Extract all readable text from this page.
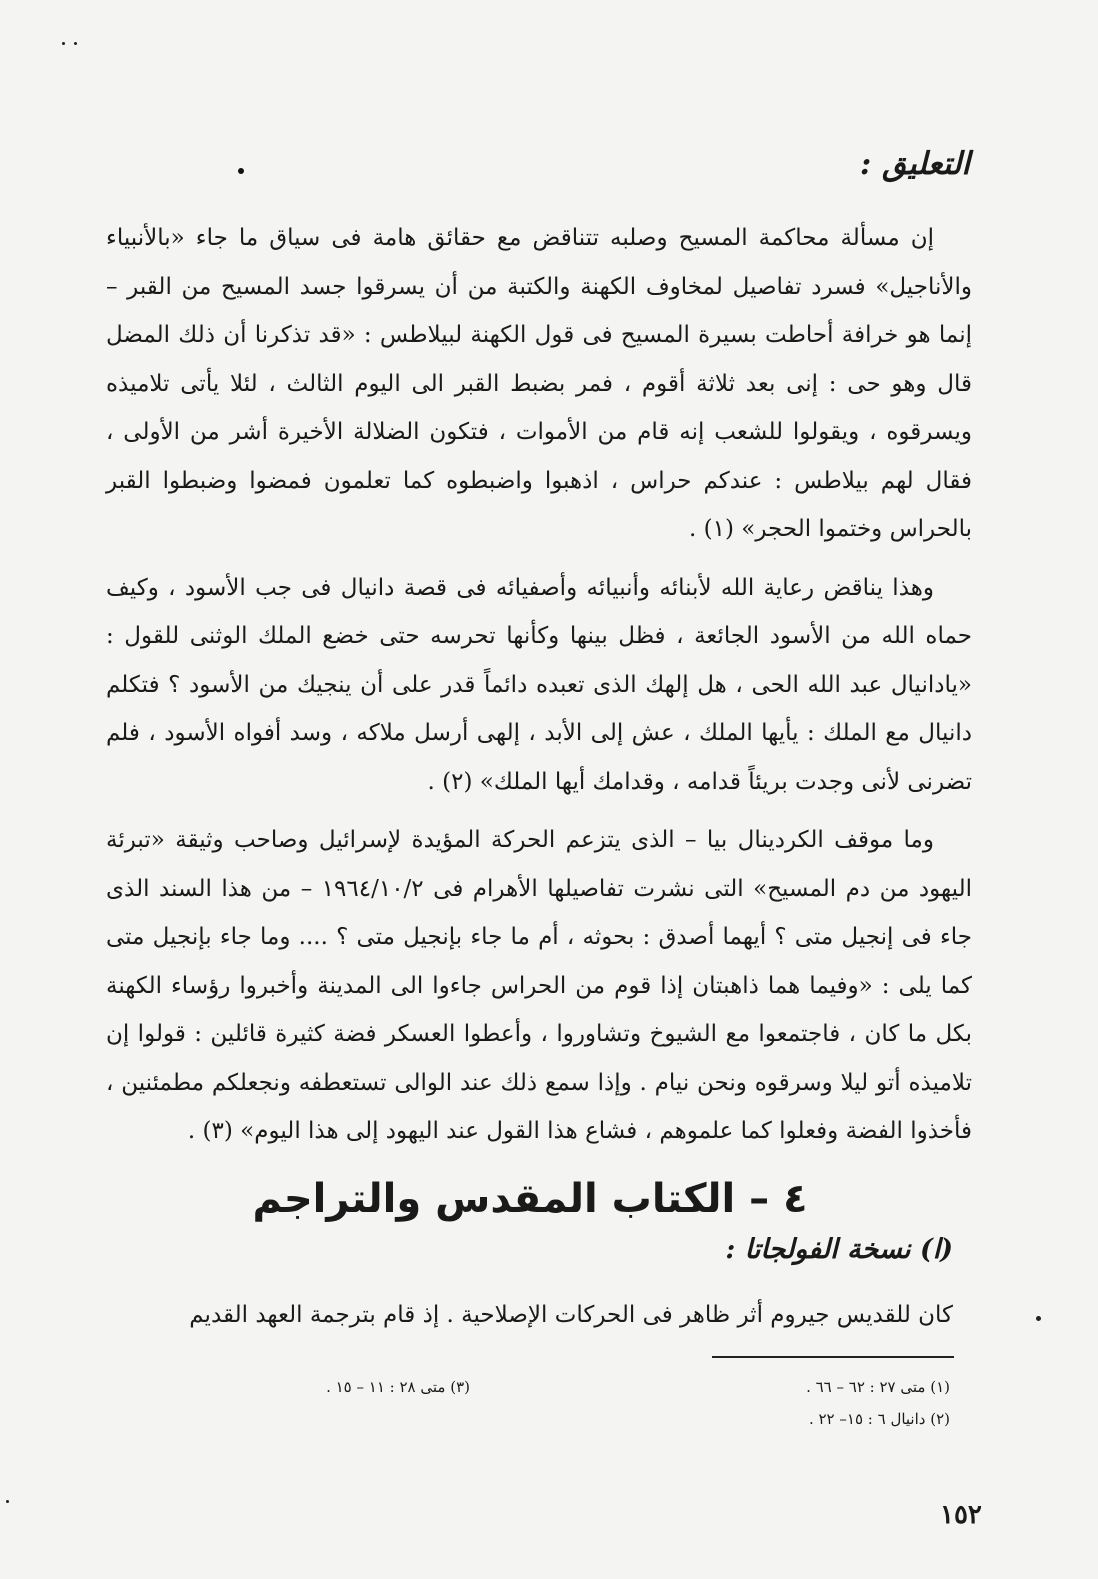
التعليق :

إن مسألة محاكمة المسيح وصلبه تتناقض مع حقائق هامة فى سياق ما جاء «بالأنبياء والأناجيل» فسرد تفاصيل لمخاوف الكهنة والكتبة من أن يسرقوا جسد المسيح من القبر – إنما هو خرافة أحاطت بسيرة المسيح فى قول الكهنة لبيلاطس : «قد تذكرنا أن ذلك المضل قال وهو حى : إنى بعد ثلاثة أقوم ، فمر بضبط القبر الى اليوم الثالث ، لئلا يأتى تلاميذه ويسرقوه ، ويقولوا للشعب إنه قام من الأموات ، فتكون الضلالة الأخيرة أشر من الأولى ، فقال لهم بيلاطس : عندكم حراس ، اذهبوا واضبطوه كما تعلمون فمضوا وضبطوا القبر بالحراس وختموا الحجر» (١) .

وهذا يناقض رعاية الله لأبنائه وأنبيائه وأصفيائه فى قصة دانيال فى جب الأسود ، وكيف حماه الله من الأسود الجائعة ، فظل بينها وكأنها تحرسه حتى خضع الملك الوثنى للقول : «يادانيال عبد الله الحى ، هل إلهك الذى تعبده دائماً قدر على أن ينجيك من الأسود ؟ فتكلم دانيال مع الملك : يأيها الملك ، عش إلى الأبد ، إلهى أرسل ملاكه ، وسد أفواه الأسود ، فلم تضرنى لأنى وجدت بريئاً قدامه ، وقدامك أيها الملك» (٢) .

وما موقف الكردينال بيا – الذى يتزعم الحركة المؤيدة لإسرائيل وصاحب وثيقة «تبرئة اليهود من دم المسيح» التى نشرت تفاصيلها الأهرام فى ١٩٦٤/١٠/٢ – من هذا السند الذى جاء فى إنجيل متى ؟ أيهما أصدق : بحوثه ، أم ما جاء بإنجيل متى ؟ .... وما جاء بإنجيل متى كما يلى : «وفيما هما ذاهبتان إذا قوم من الحراس جاءوا الى المدينة وأخبروا رؤساء الكهنة بكل ما كان ، فاجتمعوا مع الشيوخ وتشاوروا ، وأعطوا العسكر فضة كثيرة قائلين : قولوا إن تلاميذه أتو ليلا وسرقوه ونحن نيام . وإذا سمع ذلك عند الوالى تستعطفه ونجعلكم مطمئنين ، فأخذوا الفضة وفعلوا كما علموهم ، فشاع هذا القول عند اليهود إلى هذا اليوم» (٣) .

٤ – الكتاب المقدس والتراجم
(ا) نسخة الفولجاتا :
كان للقديس جيروم أثر ظاهر فى الحركات الإصلاحية . إذ قام بترجمة العهد القديم
(١) متى ٢٧ : ٦٢ – ٦٦ .
(٢) دانيال ٦ : ١٥– ٢٢ .
(٣) متى ٢٨ : ١١ – ١٥ .
١٥٢
